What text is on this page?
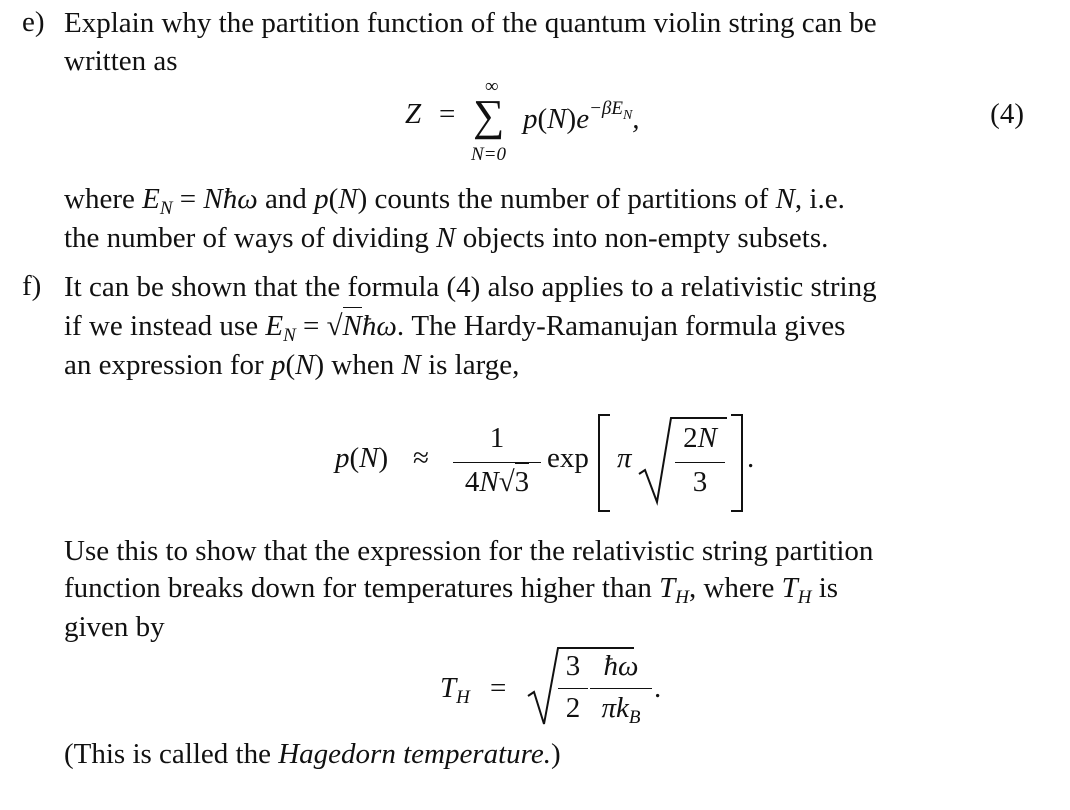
e) Explain why the partition function of the quantum violin string can be
written as
Z = ∑
∞
N=0
$p(N)e^{-\beta E_N}$,	(4)
where $E_N$ = Nħω and p(N) counts the number of partitions of N, i.e.
the number of ways of dividing N objects into non-empty subsets.
f) It can be shown that the formula (4) also applies to a relativistic string
if we instead use $E_N$ = √Nħω. The Hardy-Ramanujan formula gives
an expression for p(N) when N is large,
p(N) ≈
1
4N√3
exp π
2N
3
.
Use this to show that the expression for the relativistic string partition
function breaks down for temperatures higher than $T_H$, where $T_H$ is
given by
$T_H$ =
3
2
ħω
$\pi k_B$
.
(This is called the Hagedorn temperature.)
